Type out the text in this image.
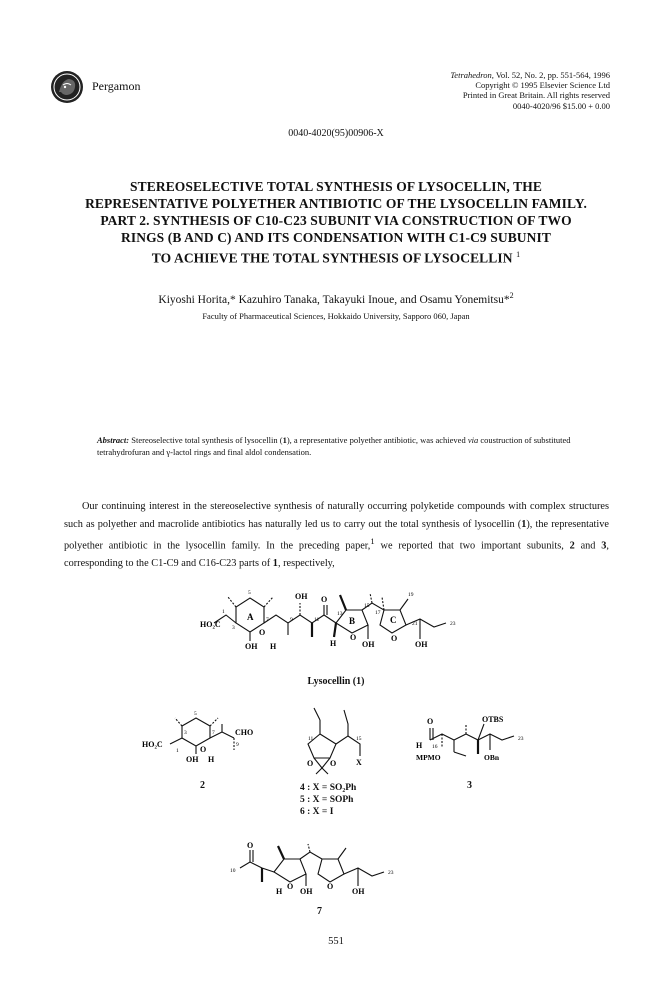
Pergamon
Tetrahedron, Vol. 52, No. 2, pp. 551-564, 1996
Copyright © 1995 Elsevier Science Ltd
Printed in Great Britain. All rights reserved
0040-4020/96 $15.00 + 0.00
0040-4020(95)00906-X
STEREOSELECTIVE TOTAL SYNTHESIS OF LYSOCELLIN, THE
REPRESENTATIVE POLYETHER ANTIBIOTIC OF THE LYSOCELLIN FAMILY.
PART 2. SYNTHESIS OF C10-C23 SUBUNIT VIA CONSTRUCTION OF TWO
RINGS (B AND C) AND ITS CONDENSATION WITH C1-C9 SUBUNIT
TO ACHIEVE THE TOTAL SYNTHESIS OF LYSOCELLIN $^1$
Kiyoshi Horita,* Kazuhiro Tanaka, Takayuki Inoue, and Osamu Yonemitsu*$^2$
Faculty of Pharmaceutical Sciences, Hokkaido University, Sapporo 060, Japan
Abstract: Stereoselective total synthesis of lysocellin (1), a representative polyether antibiotic, was achieved via coustruction of substituted tetrahydrofuran and γ-lactol rings and final aldol condensation.
Our continuing interest in the stereoselective synthesis of naturally occurring polyketide compounds with complex structures such as polyether and macrolide antibiotics has naturally led us to carry out the total synthesis of lysocellin (1), the representative polyether antibiotic in the lysocellin family. In the preceding paper,$^1$ we reported that two important subunits, 2 and 3, corresponding to the C1-C9 and C16-C23 parts of 1, respectively,
HO₂C
A	B	C
OH O
OH H	H
O
O	O
OH	OH
1
3
5
7	9	11
13
15
17
19
21	23
Lysocellin (1)
HO₂C
CHO
OH H
O
1
3
5
7
9
2
11	15
O O X
4 : X = SO₂Ph
5 : X = SOPh
6 : X = I
O	OTBS
H 16
MPMO	OBn
23
3
O
10
O	O
H OH	OH
23
7
551
